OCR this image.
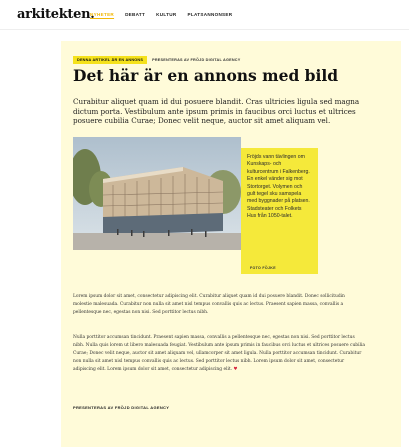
arkitekten.
NYHETER DEBATT KULTUR PLATSANNONSER
DENNA ARTIKEL ÄR EN ANNONS	PRESENTERAS AV FRÖJD DIGITAL AGENCY
Det här är en annons med bild

Curabitur aliquet quam id dui posuere blandit. Cras ultricies ligula sed magna dictum porta. Vestibulum ante ipsum primis in faucibus orci luctus et ultrices posuere cubilia Curae; Donec velit neque, auctor sit amet aliquam vel.

Fröjds vann tävlingen om Kunskaps- och kulturcentrum i Falkenberg. En enkel vänder sig mot Stortorget. Volymen och gult tegel sku samspela med byggnader på platsen. Stadsteater och Folkets Hus från 1050-talet.

FOTO FÖJKE

Lorem ipsum dolor sit amet, consectetur adipiscing elit. Curabitur aliquet quam id dui posuere blandit. Donec sollicitudin molestie malesuada. Curabitur non nulla sit amet nisl tempus convallis quis ac lectus. Praesent sapien massa, convallis a pellentesque nec, egestas non nisi. Sed porttitor lectus nibh.

Nulla porttitor accumsan tincidunt. Praesent sapien massa, convallis a pellentesque nec, egestas non nisi. Sed porttitor lectus nibh. Nulla quis lorem ut libero malesuada feugiat. Vestibulum ante ipsum primis in faucibus orci luctus et ultrices posuere cubilia Curae; Donec velit neque, auctor sit amet aliquam vel, ullamcorper sit amet ligula. Nulla porttitor accumsan tincidunt. Curabitur non nulla sit amet nisl tempus convallis quis ac lectus. Sed porttitor lectus nibh. Lorem ipsum dolor sit amet, consectetur adipiscing elit. Lorem ipsum dolor sit amet, consectetur adipiscing elit. ♥

PRESENTERAS AV FRÖJD DIGITAL AGENCY
